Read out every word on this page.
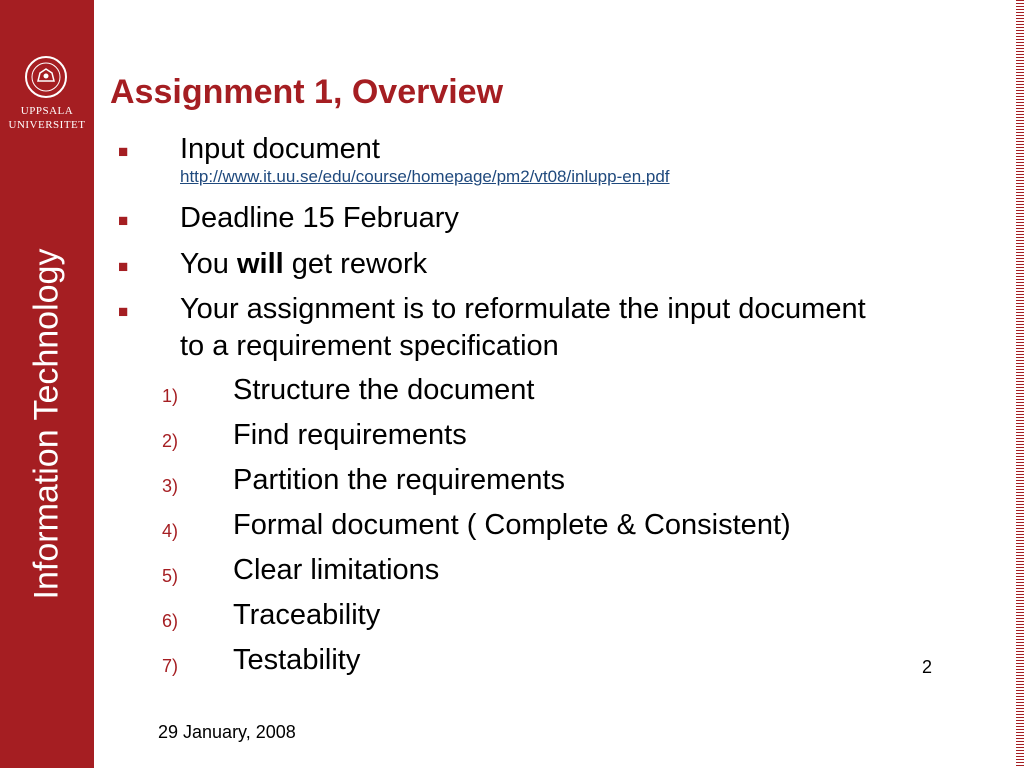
UPPSALA
UNIVERSITET
Information Technology
Assignment 1, Overview
■ Input document
http://www.it.uu.se/edu/course/homepage/pm2/vt08/inlupp-en.pdf
■ Deadline 15 February
■ You will get rework
■ Your assignment is to reformulate the input document
to a requirement specification
1) Structure the document
2) Find requirements
3) Partition the requirements
4) Formal document ( Complete & Consistent)
5) Clear limitations
6) Traceability
7) Testability	2
29 January, 2008
